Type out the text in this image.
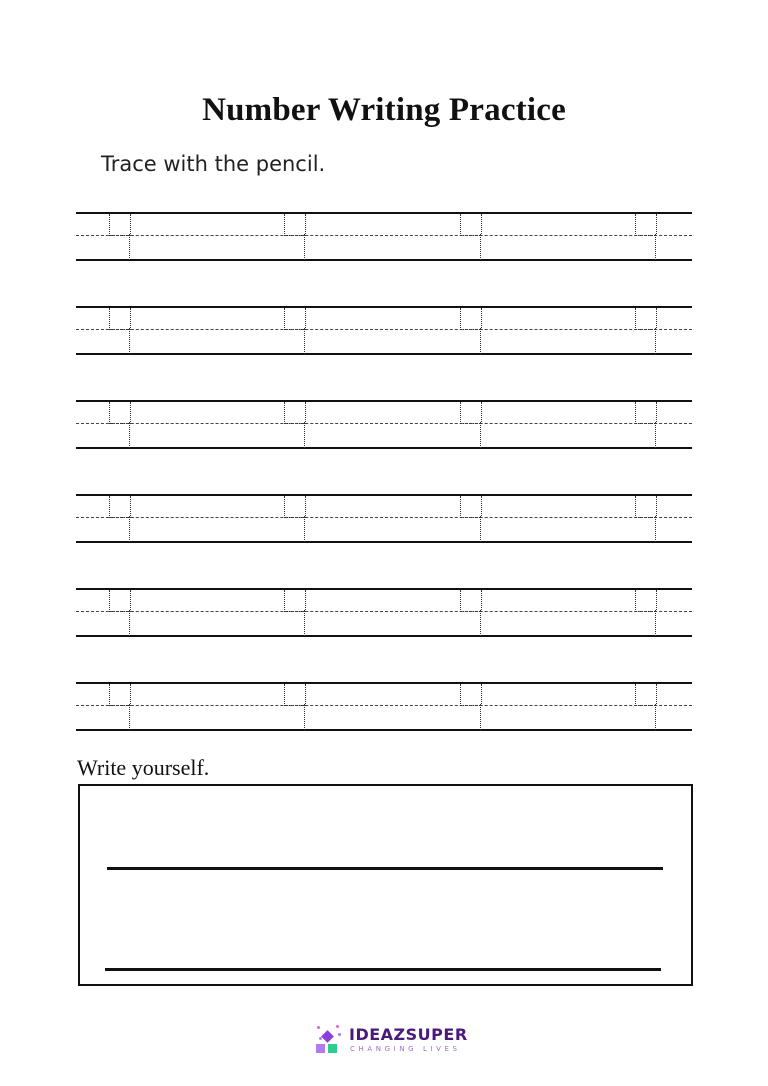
Number Writing Practice
Trace with the pencil.
Write yourself.
IDEAZSUPER
CHANGING LIVES
